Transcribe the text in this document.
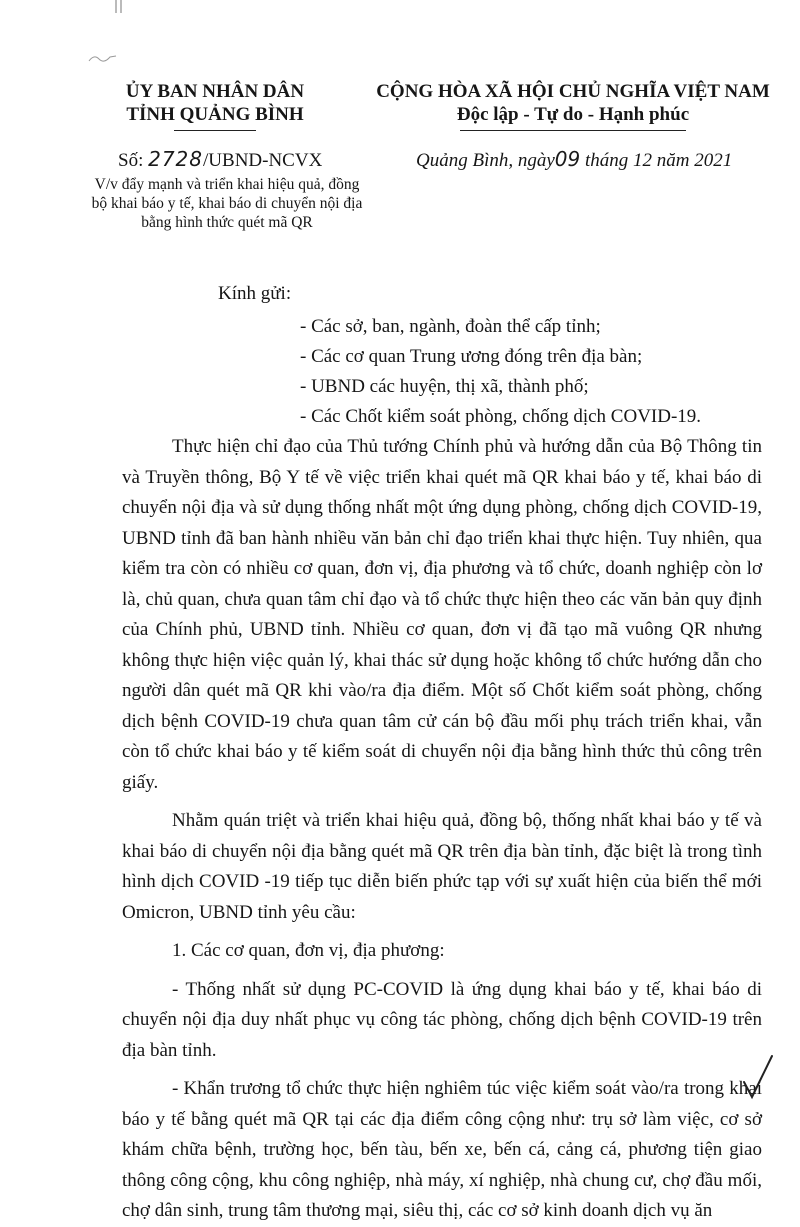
ỦY BAN NHÂN DÂN
TỈNH QUẢNG BÌNH
CỘNG HÒA XÃ HỘI CHỦ NGHĨA VIỆT NAM
Độc lập - Tự do - Hạnh phúc
Số: 2728/UBND-NCVX	Quảng Bình, ngày09 tháng 12 năm 2021
V/v đẩy mạnh và triển khai hiệu quả, đồng bộ khai báo y tế, khai báo di chuyển nội địa bằng hình thức quét mã QR
Kính gửi:
- Các sở, ban, ngành, đoàn thể cấp tỉnh;
- Các cơ quan Trung ương đóng trên địa bàn;
- UBND các huyện, thị xã, thành phố;
- Các Chốt kiểm soát phòng, chống dịch COVID-19.

Thực hiện chỉ đạo của Thủ tướng Chính phủ và hướng dẫn của Bộ Thông tin và Truyền thông, Bộ Y tế về việc triển khai quét mã QR khai báo y tế, khai báo di chuyển nội địa và sử dụng thống nhất một ứng dụng phòng, chống dịch COVID-19, UBND tỉnh đã ban hành nhiều văn bản chỉ đạo triển khai thực hiện. Tuy nhiên, qua kiểm tra còn có nhiều cơ quan, đơn vị, địa phương và tổ chức, doanh nghiệp còn lơ là, chủ quan, chưa quan tâm chỉ đạo và tổ chức thực hiện theo các văn bản quy định của Chính phủ, UBND tỉnh. Nhiều cơ quan, đơn vị đã tạo mã vuông QR nhưng không thực hiện việc quản lý, khai thác sử dụng hoặc không tổ chức hướng dẫn cho người dân quét mã QR khi vào/ra địa điểm. Một số Chốt kiểm soát phòng, chống dịch bệnh COVID-19 chưa quan tâm cử cán bộ đầu mối phụ trách triển khai, vẫn còn tổ chức khai báo y tế kiểm soát di chuyển nội địa bằng hình thức thủ công trên giấy.

Nhằm quán triệt và triển khai hiệu quả, đồng bộ, thống nhất khai báo y tế và khai báo di chuyển nội địa bằng quét mã QR trên địa bàn tỉnh, đặc biệt là trong tình hình dịch COVID -19 tiếp tục diễn biến phức tạp với sự xuất hiện của biến thể mới Omicron, UBND tỉnh yêu cầu:

1. Các cơ quan, đơn vị, địa phương:

- Thống nhất sử dụng PC-COVID là ứng dụng khai báo y tế, khai báo di chuyển nội địa duy nhất phục vụ công tác phòng, chống dịch bệnh COVID-19 trên địa bàn tỉnh.

- Khẩn trương tổ chức thực hiện nghiêm túc việc kiểm soát vào/ra trong khai báo y tế bằng quét mã QR tại các địa điểm công cộng như: trụ sở làm việc, cơ sở khám chữa bệnh, trường học, bến tàu, bến xe, bến cá, cảng cá, phương tiện giao thông công cộng, khu công nghiệp, nhà máy, xí nghiệp, nhà chung cư, chợ đầu mối, chợ dân sinh, trung tâm thương mại, siêu thị, các cơ sở kinh doanh dịch vụ ăn
